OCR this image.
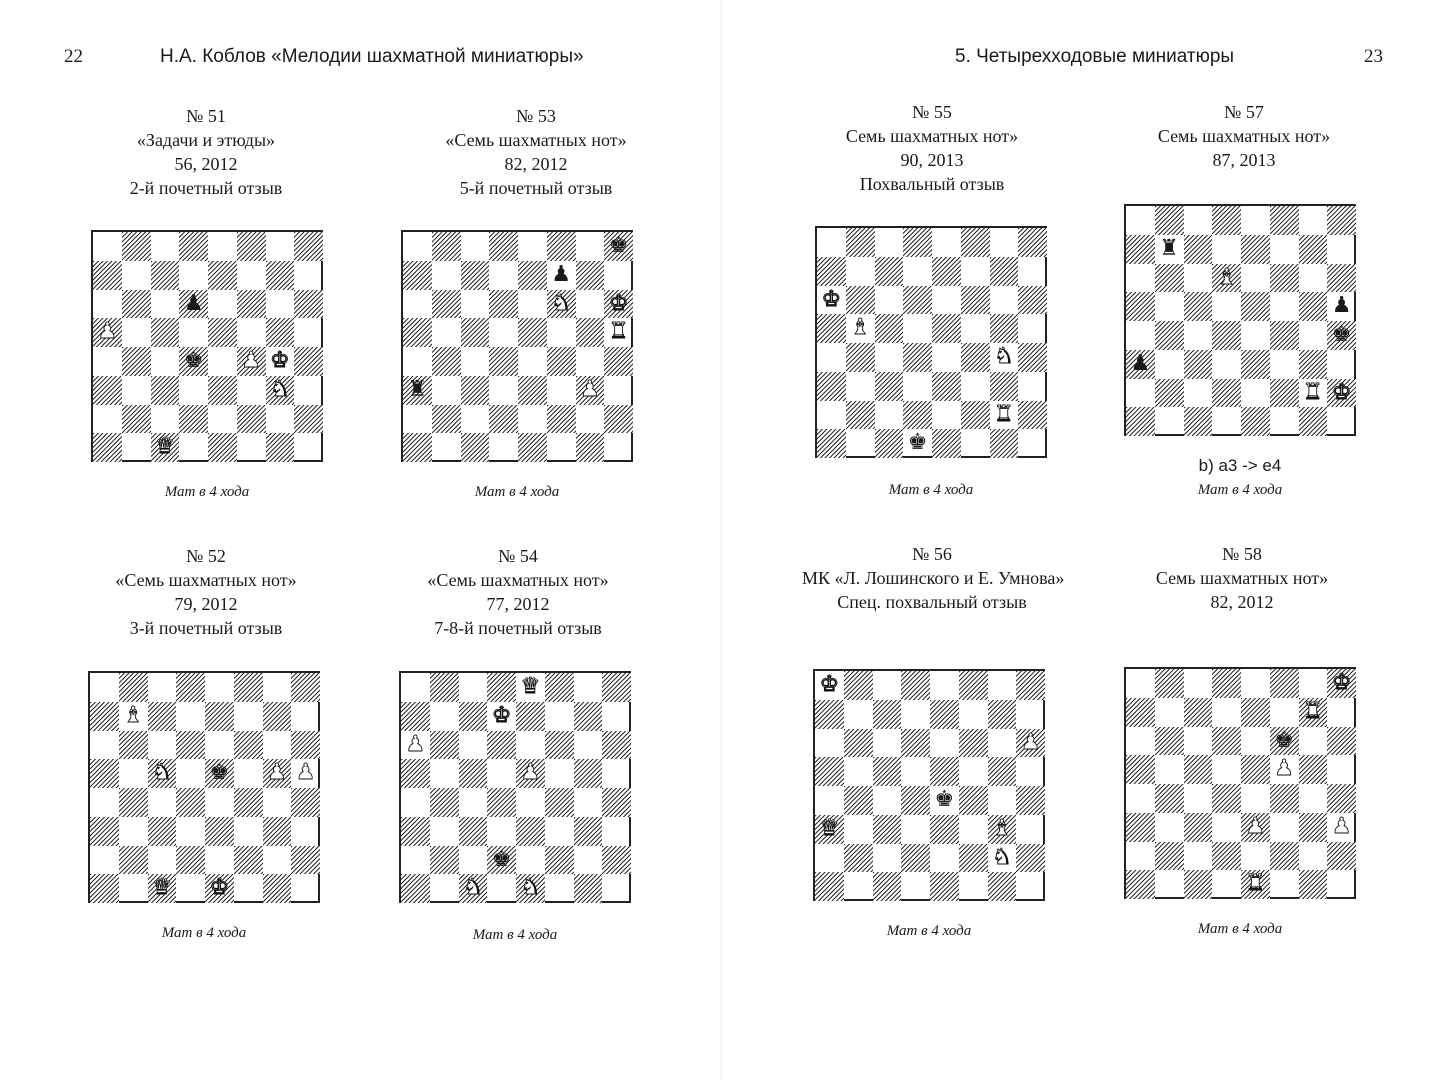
22	Н.А. Коблов «Мелодии шахматной миниатюры»	5. Четырехходовые миниатюры	23
№ 51
«Задачи и этюды»
56, 2012
2-й почетный отзыв
♟
♟
♚ ♟ ♚
♞
♛
Мат в 4 хода
№ 53
«Семь шахматных нот»
82, 2012
5-й почетный отзыв
♚
♟
♞ ♚
♜
♜	♟
Мат в 4 хода
№ 52
«Семь шахматных нот»
79, 2012
3-й почетный отзыв
♝
♞ ♚ ♟ ♟
♛ ♚
Мат в 4 хода
№ 54
«Семь шахматных нот»
77, 2012
7-8-й почетный отзыв
♛
♚
♟
♟
♚
♞ ♞
Мат в 4 хода
№ 55
Семь шахматных нот»
90, 2013
Похвальный отзыв
♚
♝
♞
♜
♚
Мат в 4 хода
№ 57
Семь шахматных нот»
87, 2013
♜
♝
♟
♚
♟
♜ ♚
b) a3 -> e4
Мат в 4 хода
№ 56
МК «Л. Лошинского и Е. Умнова»
Спец. похвальный отзыв
♚
♟
♚
♛	♝
♞
Мат в 4 хода
№ 58
Семь шахматных нот»
82, 2012
♚
♜
♚
♟
♟	♟
♜
Мат в 4 хода
